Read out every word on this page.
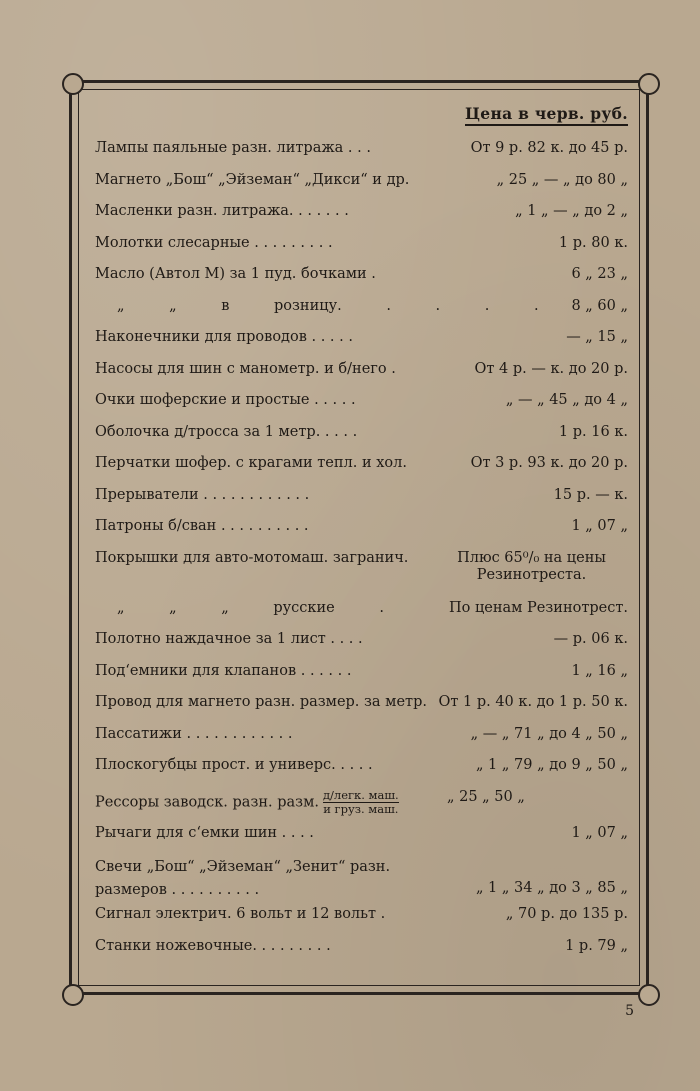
Цена в черв. руб.
Лампы паяльные разн. литража . . .	От 9 р. 82 к. до 45 р.
Магнето „Бош“ „Эйземан“ „Дикси“ и др.	„ 25 „ — „ до 80 „
Масленки разн. литража. . . . . . .	„ 1 „ — „ до 2 „
Молотки слесарные . . . . . . . . .	1 р. 80 к.
Масло (Автол М) за 1 пуд. бочками .	6 „ 23 „
„ „ в розницу. . . . .	8 „ 60 „
Наконечники для проводов . . . . .	— „ 15 „
Насосы для шин с манометр. и б/него .	От 4 р. — к. до 20 р.
Очки шоферские и простые . . . . .	„ — „ 45 „ до 4 „
Оболочка д/тросса за 1 метр. . . . .	1 р. 16 к.
Перчатки шофер. с крагами тепл. и хол.	От 3 р. 93 к. до 20 р.
Прерыватели . . . . . . . . . . . .	15 р. — к.
Патроны б/сван . . . . . . . . . .	1 „ 07 „
Покрышки для авто-мотомаш. загранич.	Плюс 65⁰/₀ на цены Резинотреста.
„ „ „ русские .	По ценам Резинотрест.
Полотно наждачное за 1 лист . . . .	— р. 06 к.
Под‘емники для клапанов . . . . . .	1 „ 16 „
Провод для магнето разн. размер. за метр. От 1 р. 40 к. до 1 р. 50 к.
Пассатижи . . . . . . . . . . . .	„ — „ 71 „ до 4 „ 50 „
Плоскогубцы прост. и универс. . . . .	„ 1 „ 79 „ до 9 „ 50 „
Рессоры заводск. разн. разм. $\frac{\text{д/легк. маш.}}{\text{и груз. маш.}}$	„ 25 „ 50 „
Рычаги для с‘емки шин . . . .	1 „ 07 „
Свечи „Бош“ „Эйземан“ „Зенит“ разн. размеров . . . . . . . . . .	„ 1 „ 34 „ до 3 „ 85 „
Сигнал электрич. 6 вольт и 12 вольт .	„ 70 р. до 135 р.
Станки ножевочные. . . . . . . . .	1 р. 79 „
5
